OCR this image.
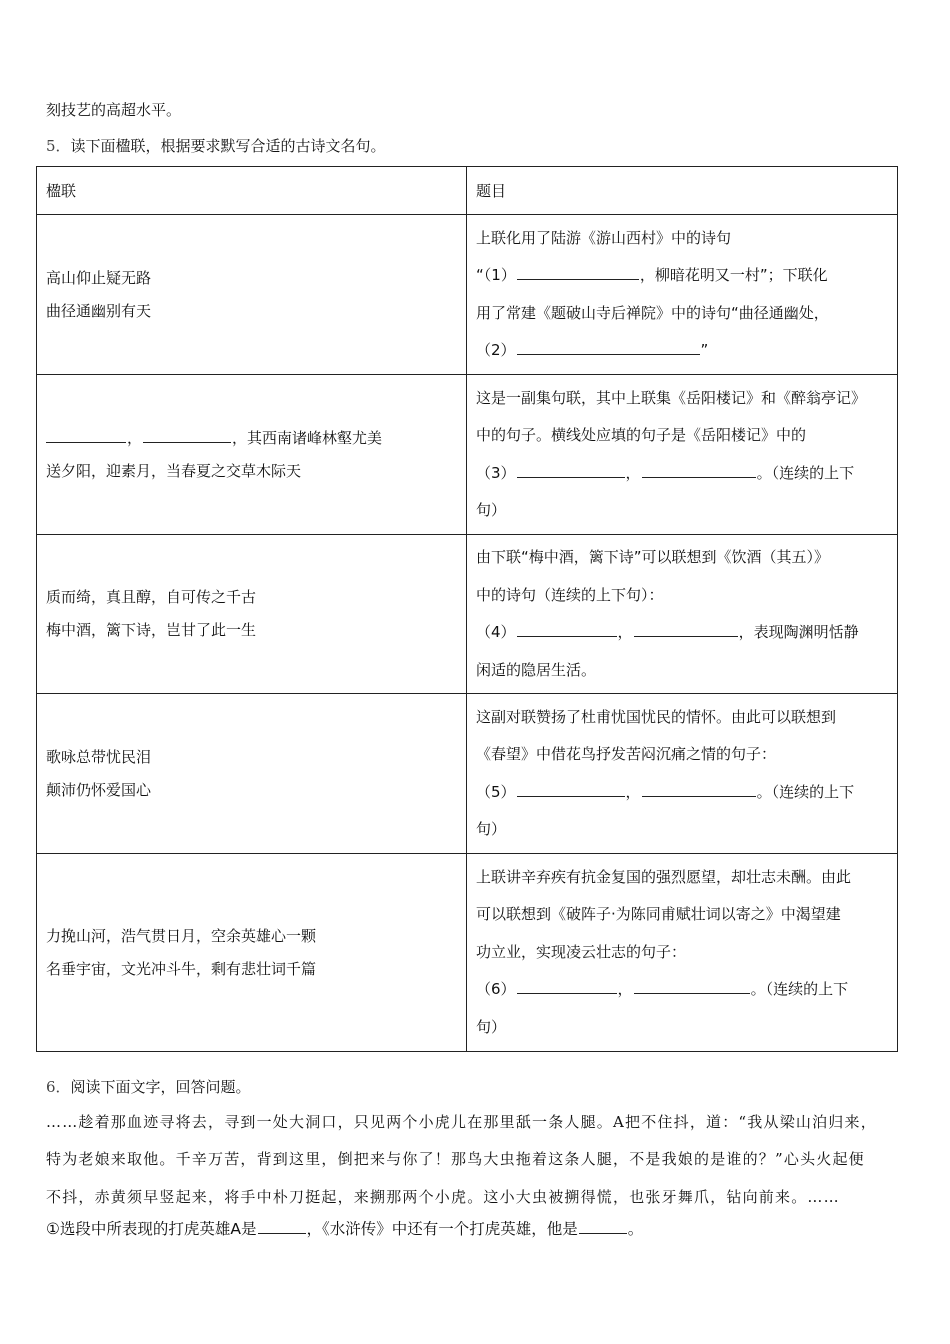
刻技艺的高超水平。
5．读下面楹联，根据要求默写合适的古诗文名句。
楹联	题目

高山仰止疑无路
曲径通幽别有天

上联化用了陆游《游山西村》中的诗句
“（1）	，柳暗花明又一村”；下联化
用了常建《题破山寺后禅院》中的诗句“曲径通幽处，
（2）	”

，	，其西南诸峰林壑尤美
送夕阳，迎素月，当春夏之交草木际天

这是一副集句联，其中上联集《岳阳楼记》和《醉翁亭记》
中的句子。横线处应填的句子是《岳阳楼记》中的
（3）	，	。（连续的上下
句）

质而绮，真且醇，自可传之千古
梅中酒，篱下诗，岂甘了此一生

由下联“梅中酒，篱下诗”可以联想到《饮酒（其五）》
中的诗句（连续的上下句）：
（4）	，	，表现陶渊明恬静
闲适的隐居生活。

歌咏总带忧民泪
颠沛仍怀爱国心

这副对联赞扬了杜甫忧国忧民的情怀。由此可以联想到
《春望》中借花鸟抒发苦闷沉痛之情的句子：
（5）	，	。（连续的上下
句）

力挽山河，浩气贯日月，空余英雄心一颗
名垂宇宙，文光冲斗牛，剩有悲壮词千篇

上联讲辛弃疾有抗金复国的强烈愿望，却壮志未酬。由此
可以联想到《破阵子·为陈同甫赋壮词以寄之》中渴望建
功立业，实现凌云壮志的句子：
（6）	，	。（连续的上下
句）
6．阅读下面文字，回答问题。
……趁着那血迹寻将去，寻到一处大洞口，只见两个小虎儿在那里舐一条人腿。A把不住抖，道：“我从梁山泊归来，
特为老娘来取他。千辛万苦，背到这里，倒把来与你了！那鸟大虫拖着这条人腿，不是我娘的是谁的？”心头火起便
不抖，赤黄须早竖起来，将手中朴刀挺起，来搠那两个小虎。这小大虫被搠得慌，也张牙舞爪，钻向前来。……
①选段中所表现的打虎英雄A是	，《水浒传》中还有一个打虎英雄，他是	。
